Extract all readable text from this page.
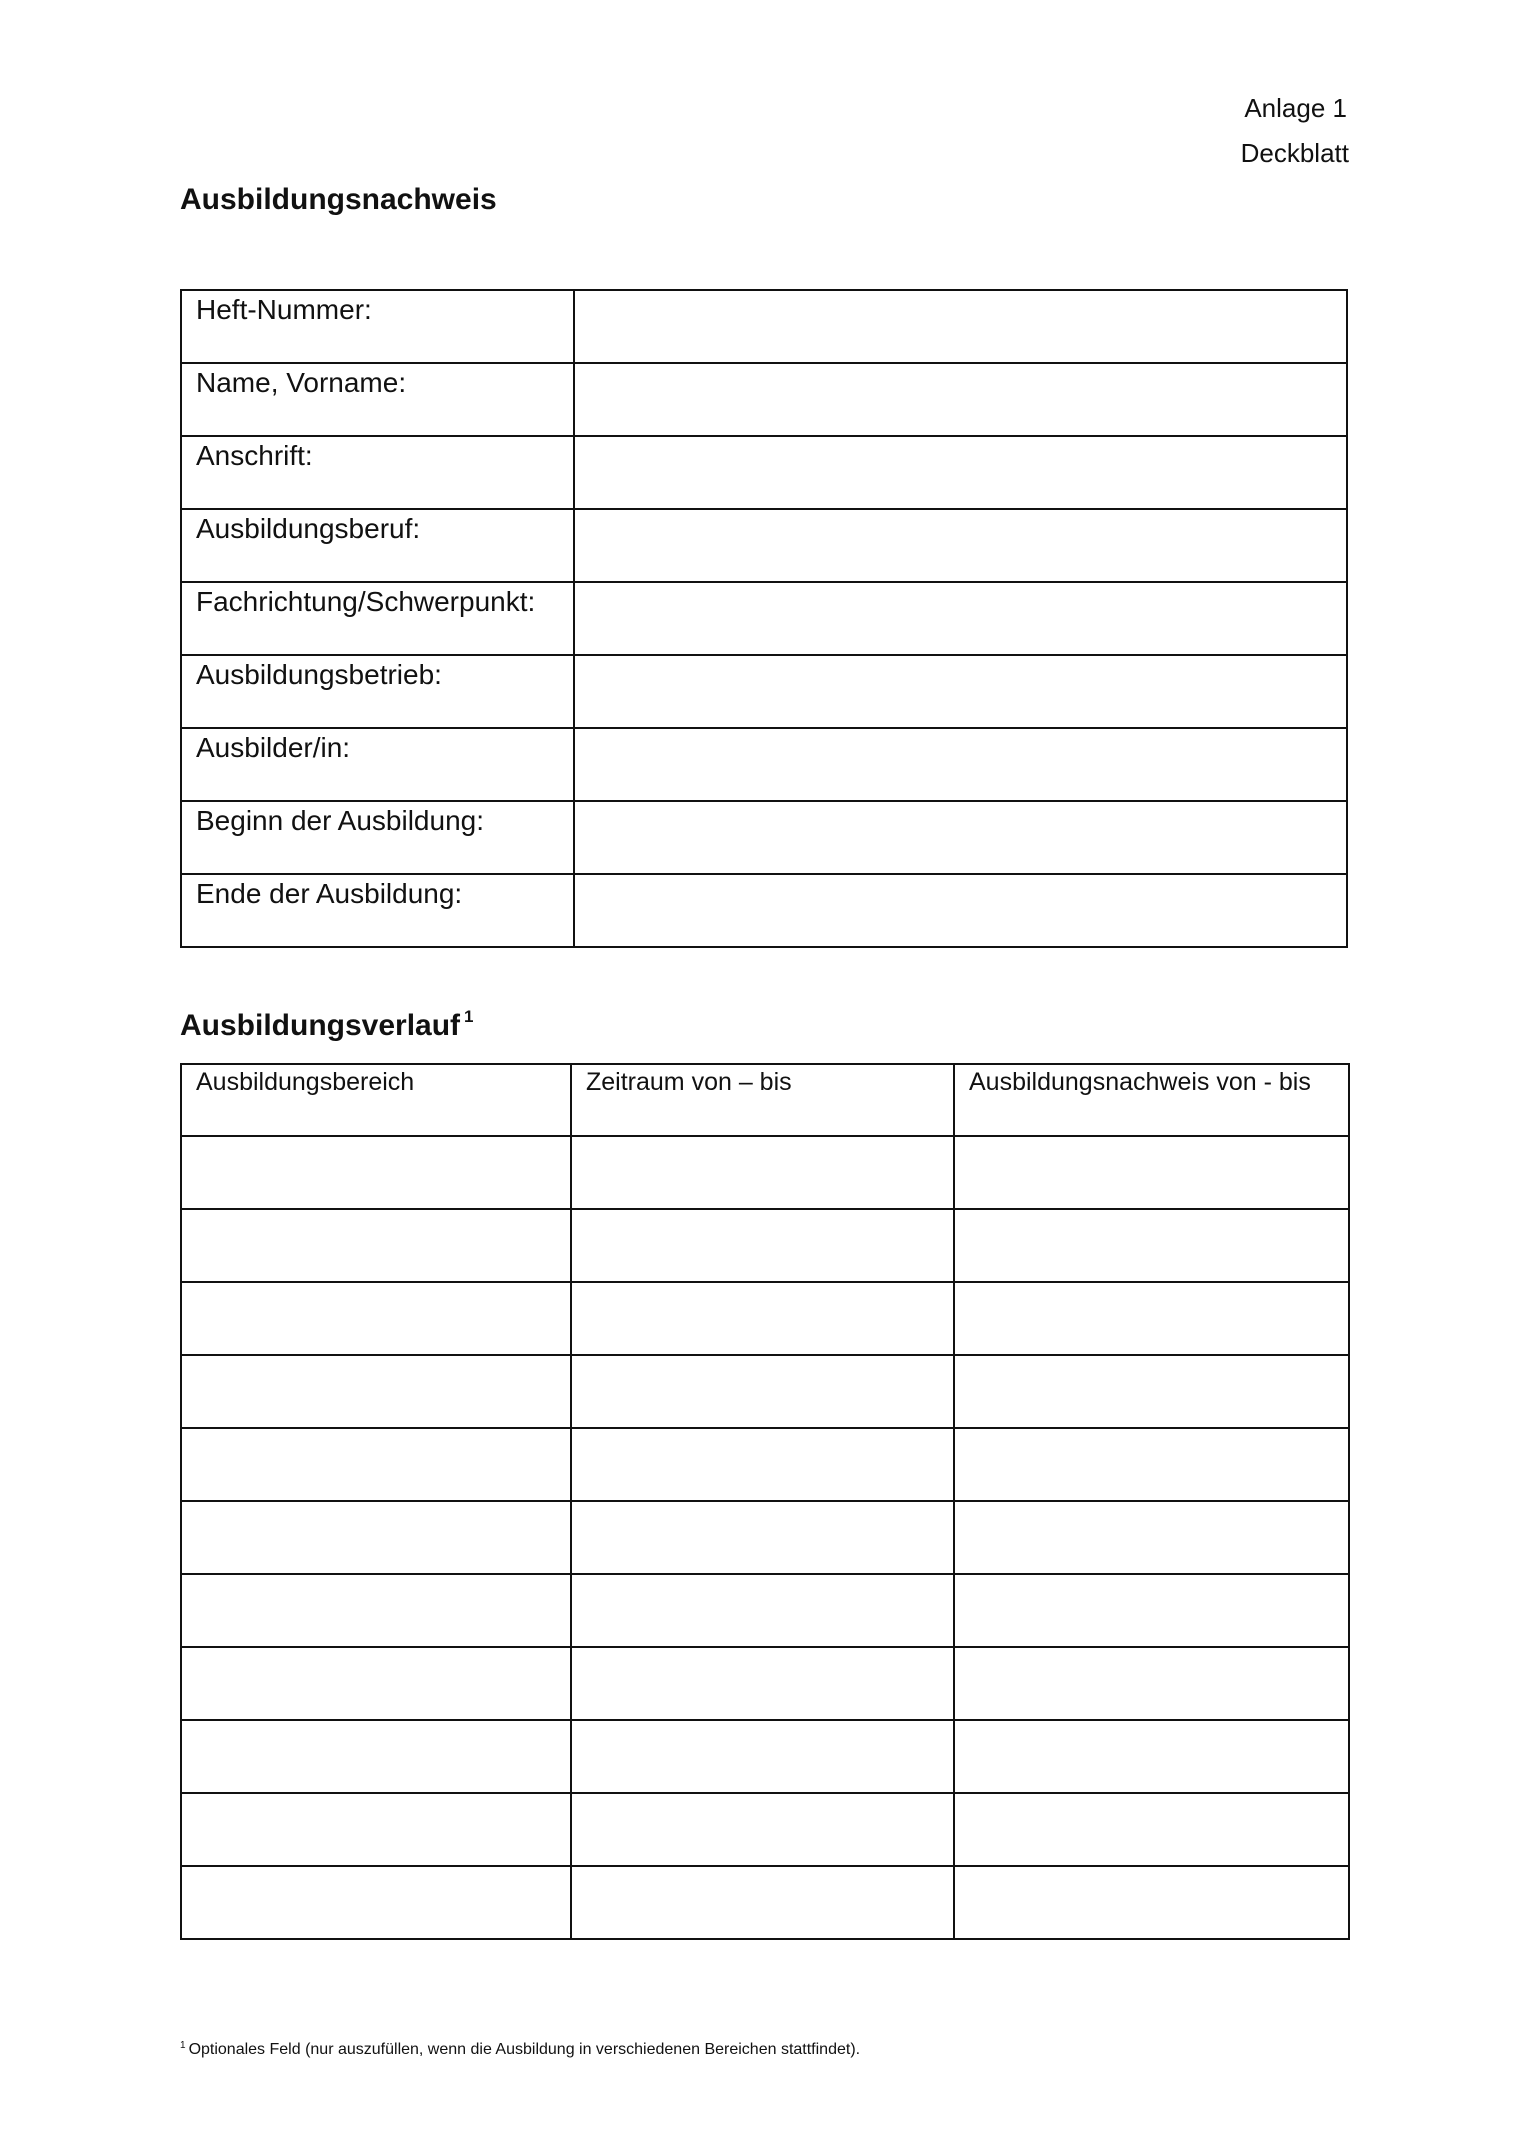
Anlage 1
Deckblatt
Ausbildungsnachweis
Heft-Nummer:	
Name, Vorname:	
Anschrift:	
Ausbildungsberuf:	
Fachrichtung/Schwerpunkt:	
Ausbildungsbetrieb:	
Ausbilder/in:	
Beginn der Ausbildung:	
Ende der Ausbildung:	
Ausbildungsverlauf $^1$
Ausbildungsbereich	Zeitraum von – bis	Ausbildungsnachweis von - bis

$^1$ Optionales Feld (nur auszufüllen, wenn die Ausbildung in verschiedenen Bereichen stattfindet).
